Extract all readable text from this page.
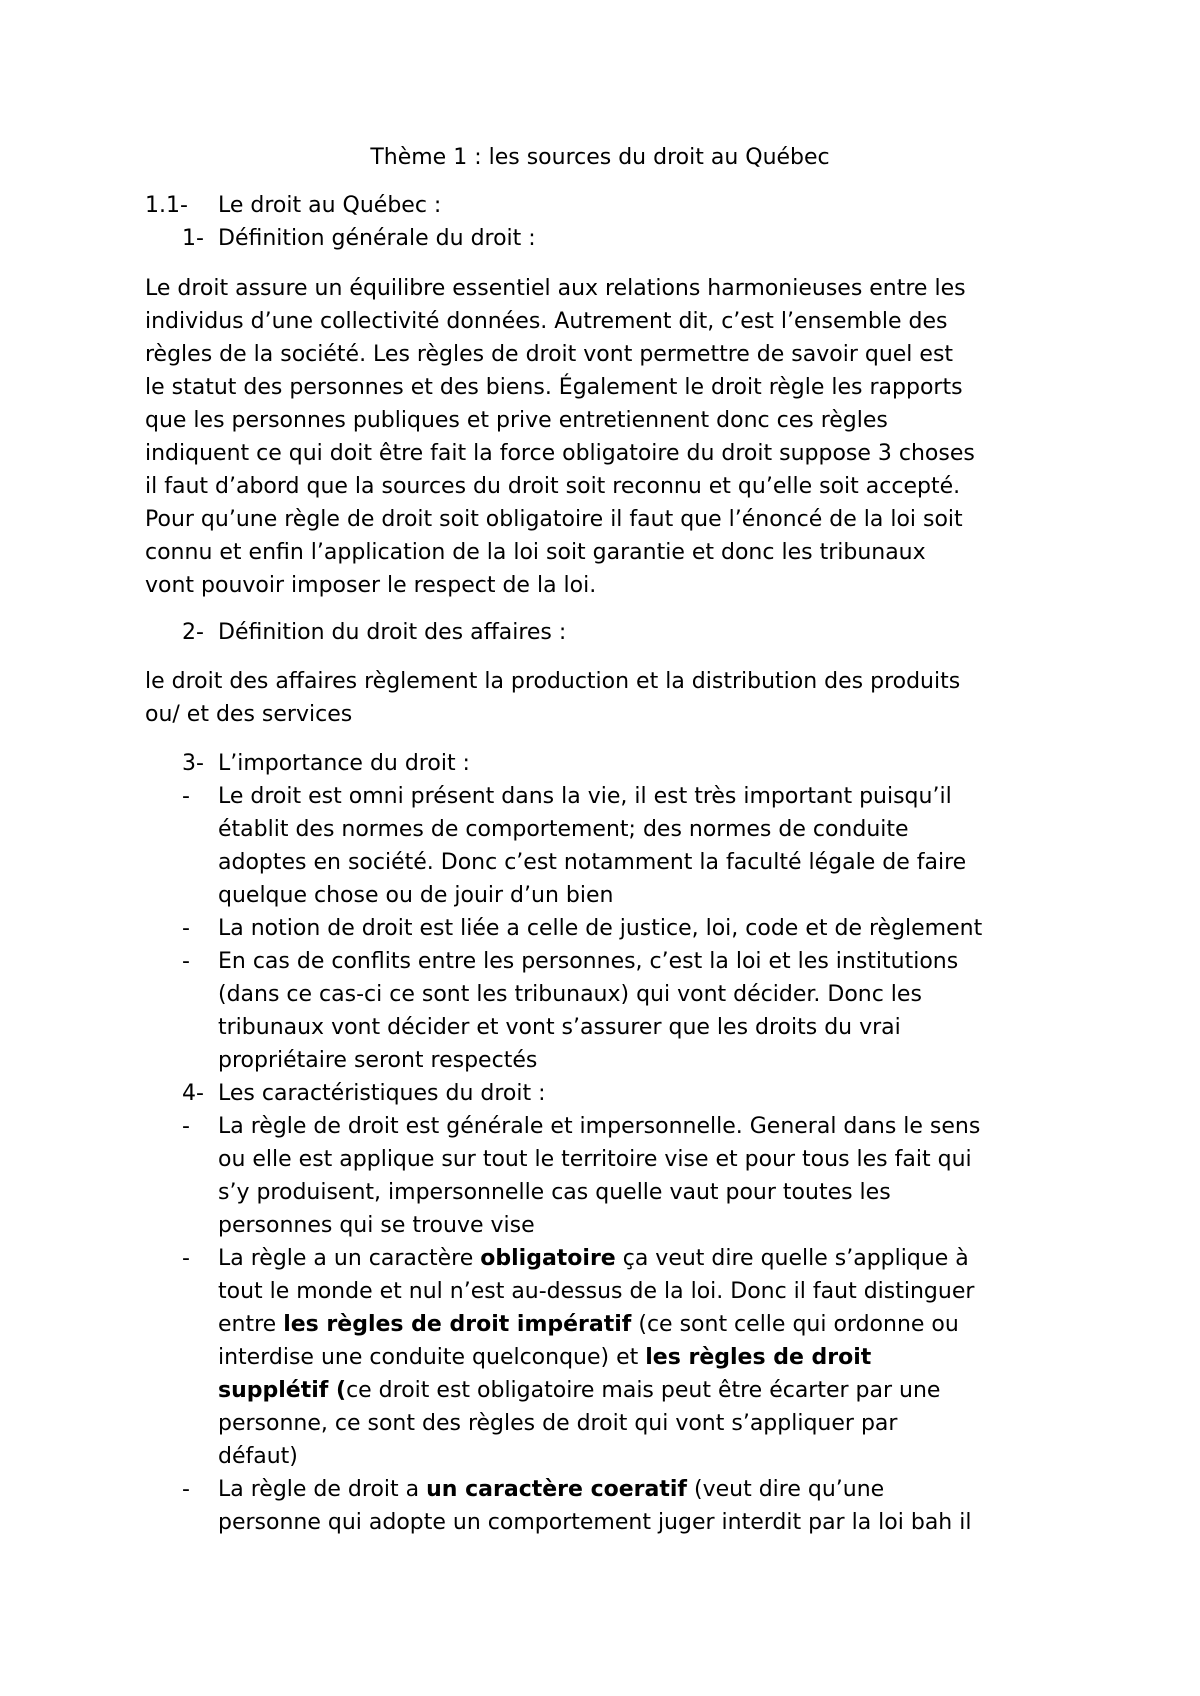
Thème 1 : les sources du droit au Québec
1.1- Le droit au Québec :
1- Définition générale du droit :
Le droit assure un équilibre essentiel aux relations harmonieuses entre les
individus d’une collectivité données. Autrement dit, c’est l’ensemble des
règles de la société. Les règles de droit vont permettre de savoir quel est
le statut des personnes et des biens. Également le droit règle les rapports
que les personnes publiques et prive entretiennent donc ces règles
indiquent ce qui doit être fait la force obligatoire du droit suppose 3 choses
il faut d’abord que la sources du droit soit reconnu et qu’elle soit accepté.
Pour qu’une règle de droit soit obligatoire il faut que l’énoncé de la loi soit
connu et enfin l’application de la loi soit garantie et donc les tribunaux
vont pouvoir imposer le respect de la loi.
2- Définition du droit des affaires :
le droit des affaires règlement la production et la distribution des produits
ou/ et des services
3- L’importance du droit :
- Le droit est omni présent dans la vie, il est très important puisqu’il
établit des normes de comportement; des normes de conduite
adoptes en société. Donc c’est notamment la faculté légale de faire
quelque chose ou de jouir d’un bien
- La notion de droit est liée a celle de justice, loi, code et de règlement
- En cas de conflits entre les personnes, c’est la loi et les institutions
(dans ce cas-ci ce sont les tribunaux) qui vont décider. Donc les
tribunaux vont décider et vont s’assurer que les droits du vrai
propriétaire seront respectés
4- Les caractéristiques du droit :
- La règle de droit est générale et impersonnelle. General dans le sens
ou elle est applique sur tout le territoire vise et pour tous les fait qui
s’y produisent, impersonnelle cas quelle vaut pour toutes les
personnes qui se trouve vise
- La règle a un caractère obligatoire ça veut dire quelle s’applique à
tout le monde et nul n’est au-dessus de la loi. Donc il faut distinguer
entre les règles de droit impératif (ce sont celle qui ordonne ou
interdise une conduite quelconque) et les règles de droit
supplétif (ce droit est obligatoire mais peut être écarter par une
personne, ce sont des règles de droit qui vont s’appliquer par
défaut)
- La règle de droit a un caractère coeratif (veut dire qu’une
personne qui adopte un comportement juger interdit par la loi bah il
